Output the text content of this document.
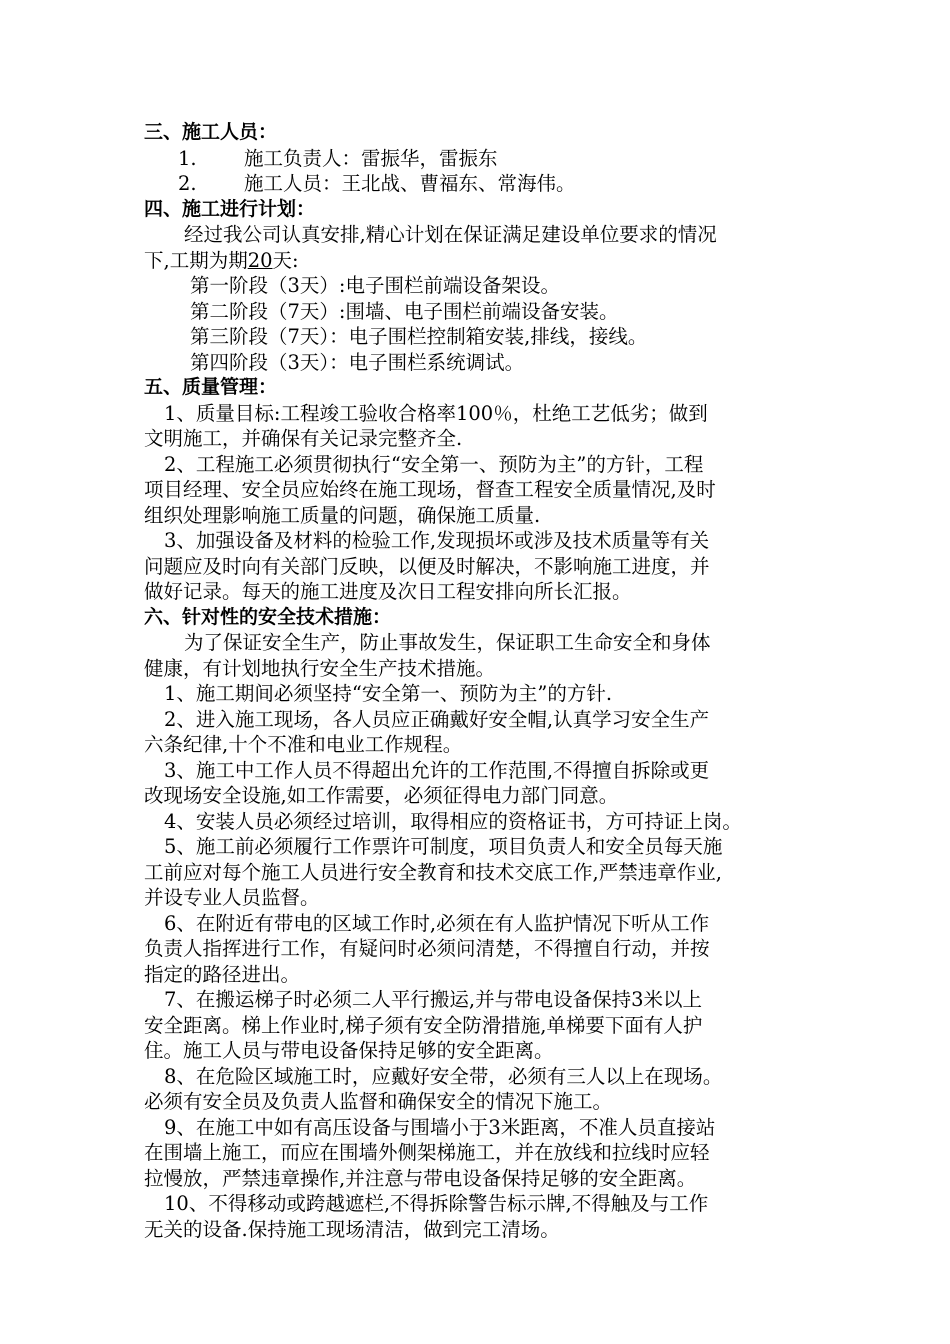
三、施工人员：
1. 施工负责人：雷振华，雷振东
2. 施工人员：王北战、曹福东、常海伟。
四、施工进行计划：
经过我公司认真安排,精心计划在保证满足建设单位要求的情况
下,工期为期20天:
第一阶段（3天）:电子围栏前端设备架设。
第二阶段（7天）:围墙、电子围栏前端设备安装。
第三阶段（7天）：电子围栏控制箱安装,排线，接线。
第四阶段（3天）：电子围栏系统调试。
五、质量管理：
1、质量目标:工程竣工验收合格率100％，杜绝工艺低劣；做到
文明施工，并确保有关记录完整齐全.
2、工程施工必须贯彻执行“安全第一、预防为主”的方针，工程
项目经理、安全员应始终在施工现场，督查工程安全质量情况,及时
组织处理影响施工质量的问题，确保施工质量.
3、加强设备及材料的检验工作,发现损坏或涉及技术质量等有关
问题应及时向有关部门反映，以便及时解决，不影响施工进度，并
做好记录。每天的施工进度及次日工程安排向所长汇报。
六、针对性的安全技术措施：
为了保证安全生产，防止事故发生，保证职工生命安全和身体
健康，有计划地执行安全生产技术措施。
1、施工期间必须坚持“安全第一、预防为主”的方针.
2、进入施工现场，各人员应正确戴好安全帽,认真学习安全生产
六条纪律,十个不准和电业工作规程。
3、施工中工作人员不得超出允许的工作范围,不得擅自拆除或更
改现场安全设施,如工作需要，必须征得电力部门同意。
4、安装人员必须经过培训，取得相应的资格证书，方可持证上岗。
5、施工前必须履行工作票许可制度，项目负责人和安全员每天施
工前应对每个施工人员进行安全教育和技术交底工作,严禁违章作业,
并设专业人员监督。
6、在附近有带电的区域工作时,必须在有人监护情况下听从工作
负责人指挥进行工作，有疑问时必须问清楚，不得擅自行动，并按
指定的路径进出。
7、在搬运梯子时必须二人平行搬运,并与带电设备保持3米以上
安全距离。梯上作业时,梯子须有安全防滑措施,单梯要下面有人护
住。施工人员与带电设备保持足够的安全距离。
8、在危险区域施工时，应戴好安全带，必须有三人以上在现场。
必须有安全员及负责人监督和确保安全的情况下施工。
9、在施工中如有高压设备与围墙小于3米距离，不准人员直接站
在围墙上施工，而应在围墙外侧架梯施工，并在放线和拉线时应轻
拉慢放，严禁违章操作,并注意与带电设备保持足够的安全距离。
10、不得移动或跨越遮栏,不得拆除警告标示牌,不得触及与工作
无关的设备.保持施工现场清洁，做到完工清场。
